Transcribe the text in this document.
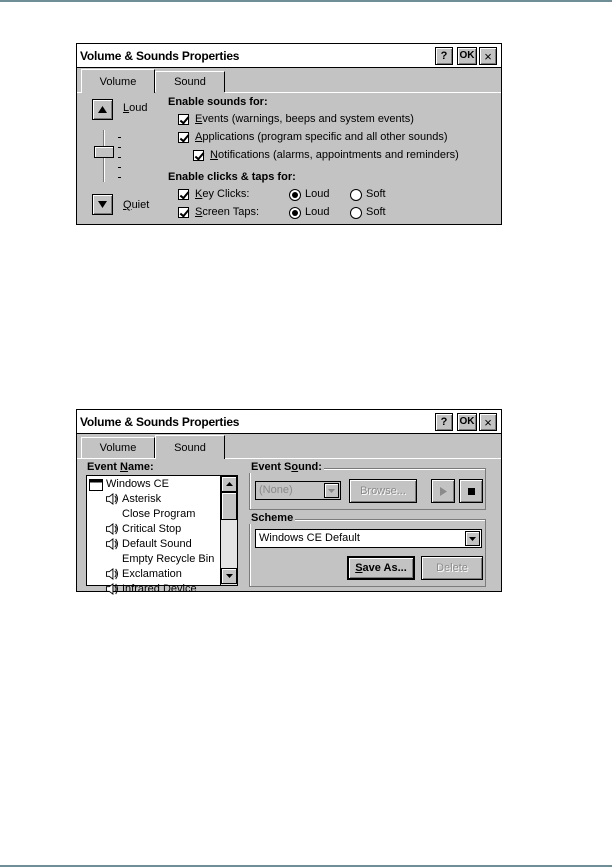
Volume & Sounds Properties	?	OK ×
Volume	Sound
Loud
Quiet
Enable sounds for:
Events (warnings, beeps and system events)
Applications (program specific and all other sounds)
Notifications (alarms, appointments and reminders)
Enable clicks & taps for:
Key Clicks:	Loud	Soft
Screen Taps:	Loud	Soft
Volume & Sounds Properties	?	OK ×
Volume	Sound
Event Name:
Windows CE
Asterisk
Close Program
Critical Stop
Default Sound
Empty Recycle Bin
Exclamation
Infrared Device
Event Sound:
(None)	Browse...
Scheme
Windows CE Default
S ave As...	Delete
